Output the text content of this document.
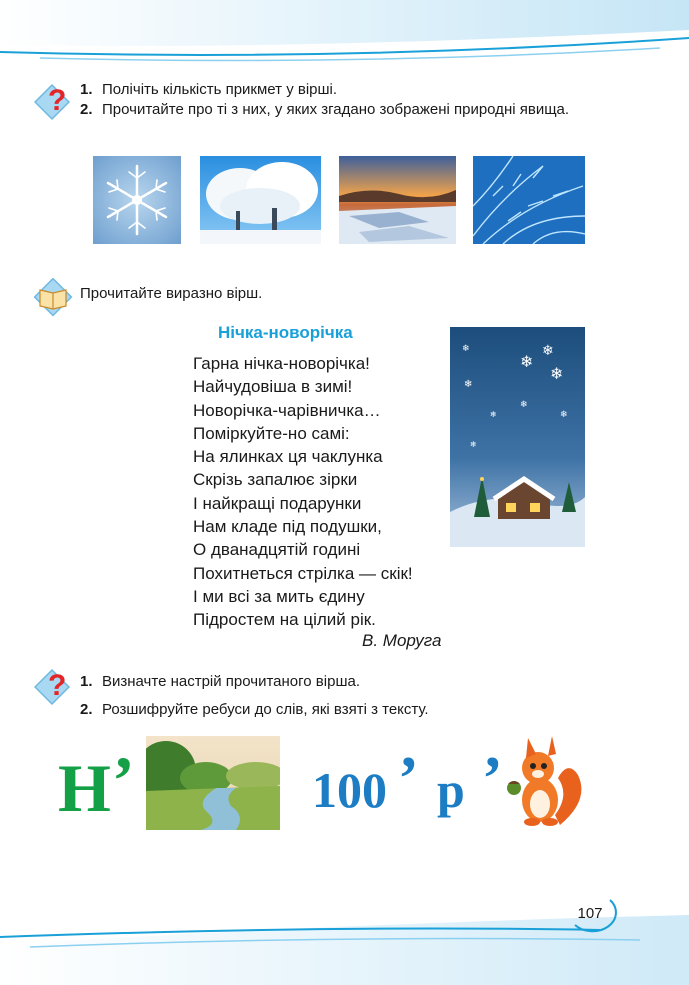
? 1. Полічіть кількість прикмет у вірші.
2. Прочитайте про ті з них, у яких згадано зображені природні явища.
Прочитайте виразно вірш.
Нічка-новорічка
Гарна нічка-новорічка!
Найчудовіша в зимі!
Новорічка-чарівничка…
Поміркуйте-но самі:
На ялинках ця чаклунка
Скрізь запалює зірки
І найкращі подарунки
Нам кладе під подушки,
О дванадцятій годині
Похитнеться стрілка — скік!
І ми всі за мить єдину
Підростем на цілий рік.
В. Моруга
❄
❄
❄
❄
❄
❄
❄	❄
❄
? 1. Визначте настрій прочитаного вірша.
2. Розшифруйте ребуси до слів, які взяті з тексту.
Н ’	100 ’ р ’
107
